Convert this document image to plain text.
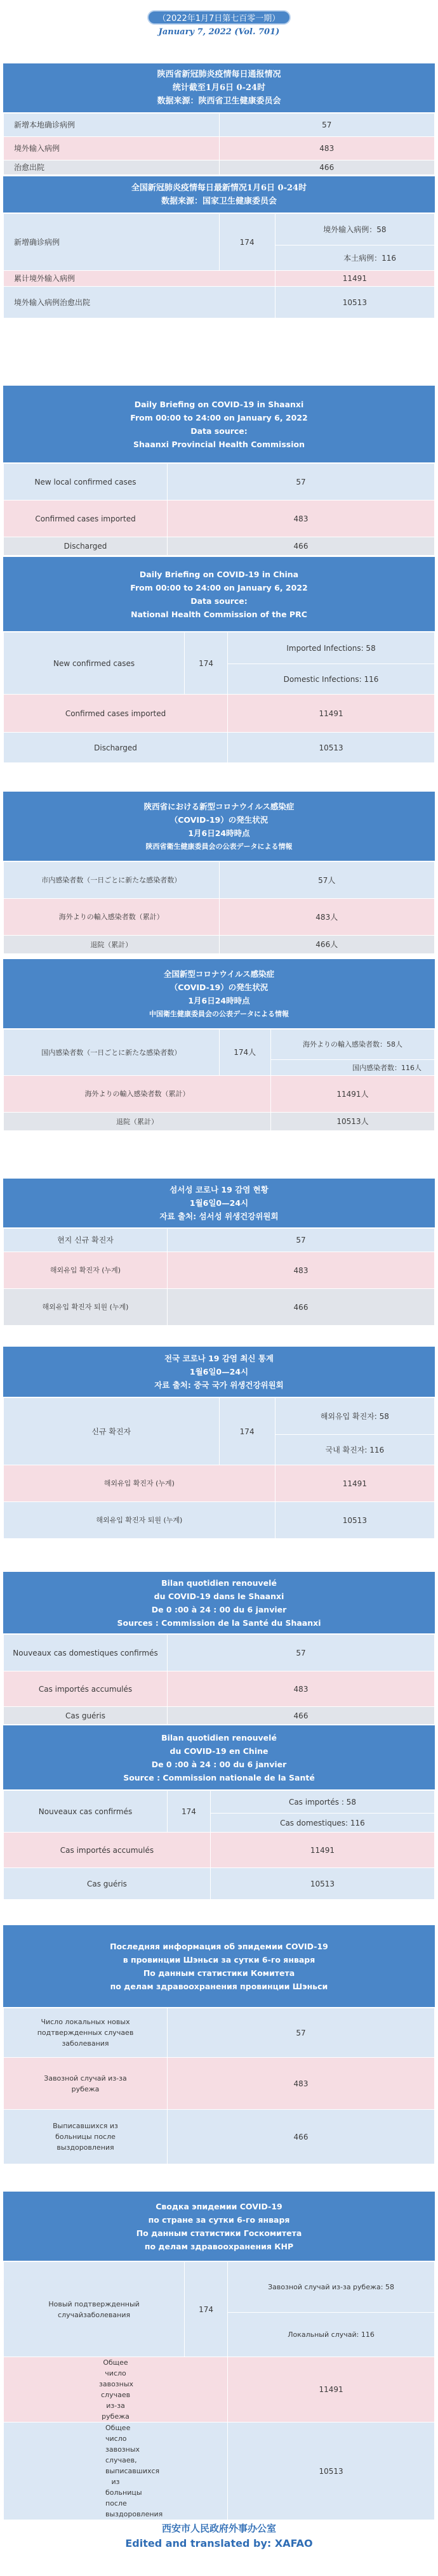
（2022年1月7日第七百零一期）
January 7, 2022 (Vol. 701)
陕西省新冠肺炎疫情每日通报情况
统计截至1月6日 0-24时
数据来源：陕西省卫生健康委员会
新增本地确诊病例	57
境外输入病例	483
治愈出院	466
全国新冠肺炎疫情每日最新情况1月6日 0-24时
数据来源：国家卫生健康委员会
新增确诊病例	174	境外输入病例：58
		本土病例：116
累计境外输入病例		11491
境外输入病例治愈出院		10513
Daily Briefing on COVID-19 in Shaanxi
From 00:00 to 24:00 on January 6, 2022
Data source:
Shaanxi Provincial Health Commission
New local confirmed cases	57
Confirmed cases imported	483
Discharged	466
Daily Briefing on COVID-19 in China
From 00:00 to 24:00 on January 6, 2022
Data source:
National Health Commission of the PRC
New confirmed cases	174	Imported Infections: 58
		Domestic Infections: 116
Confirmed cases imported		11491
Discharged		10513
陝西省における新型コロナウイルス感染症
（COVID-19）の発生状況
1月6日24時時点
陝西省衛生健康委員会の公表データによる情報
市内感染者数（一日ごとに新たな感染者数）	57人
海外よりの輸入感染者数（累計）	483人
退院（累計）	466人
全国新型コロナウイルス感染症
（COVID-19）の発生状況
1月6日24時時点
中国衛生健康委員会の公表データによる情報
国内感染者数（一日ごとに新たな感染者数）	174人	海外よりの輸入感染者数：58人
		国内感染者数：116人
海外よりの輸入感染者数（累計）		11491人
退院（累計）		10513人
섬서성 코로나 19 감염 현황
1월6일0—24시
자료 출처: 섬서성 위생건강위원회
현지 신규 확진자	57
해외유입 확진자 (누계)	483
해외유입 확진자 퇴원 (누계)	466
전국 코로나 19 감염 최신 통계
1월6일0—24시
자료 출처: 중국 국가 위생건강위원회
신규 확진자	174	해외유입 확진자: 58
		국내 확진자: 116
해외유입 확진자 (누계)		11491
해외유입 확진자 퇴원 (누계)		10513
Bilan quotidien renouvelé
du COVID-19 dans le Shaanxi
De 0 :00 à 24 : 00 du 6 janvier
Sources : Commission de la Santé du Shaanxi
Nouveaux cas domestiques confirmés	57
Cas importés accumulés	483
Cas guéris	466
Bilan quotidien renouvelé
du COVID-19 en Chine
De 0 :00 à 24 : 00 du 6 janvier
Source : Commission nationale de la Santé
Nouveaux cas confirmés	174	Cas importés : 58
		Cas domestiques: 116
Cas importés accumulés		11491
Cas guéris		10513
Последняя информация об эпидемии COVID-19
в провинции Шэньси за сутки 6-го января
По данным статистики Комитета
по делам здравоохранения провинции Шэньси
Число локальных новых подтвержденных случаев заболевания	57
Завозной случай из-за рубежа	483
Выписавшихся из больницы после выздоровления	466
Сводка эпидемии COVID-19
по стране за сутки 6-го января
По данным статистики Госкомитета
по делам здравоохранения КНР
Новый подтвержденный случайзаболевания	174	Завозной случай из-за рубежа: 58
		Локальный случай: 116
Общее число завозных случаев из-за рубежа		11491
Общее число завозных случаев, выписавшихся из больницы после выздоровления		10513
西安市人民政府外事办公室
Edited and translated by: XAFAO
